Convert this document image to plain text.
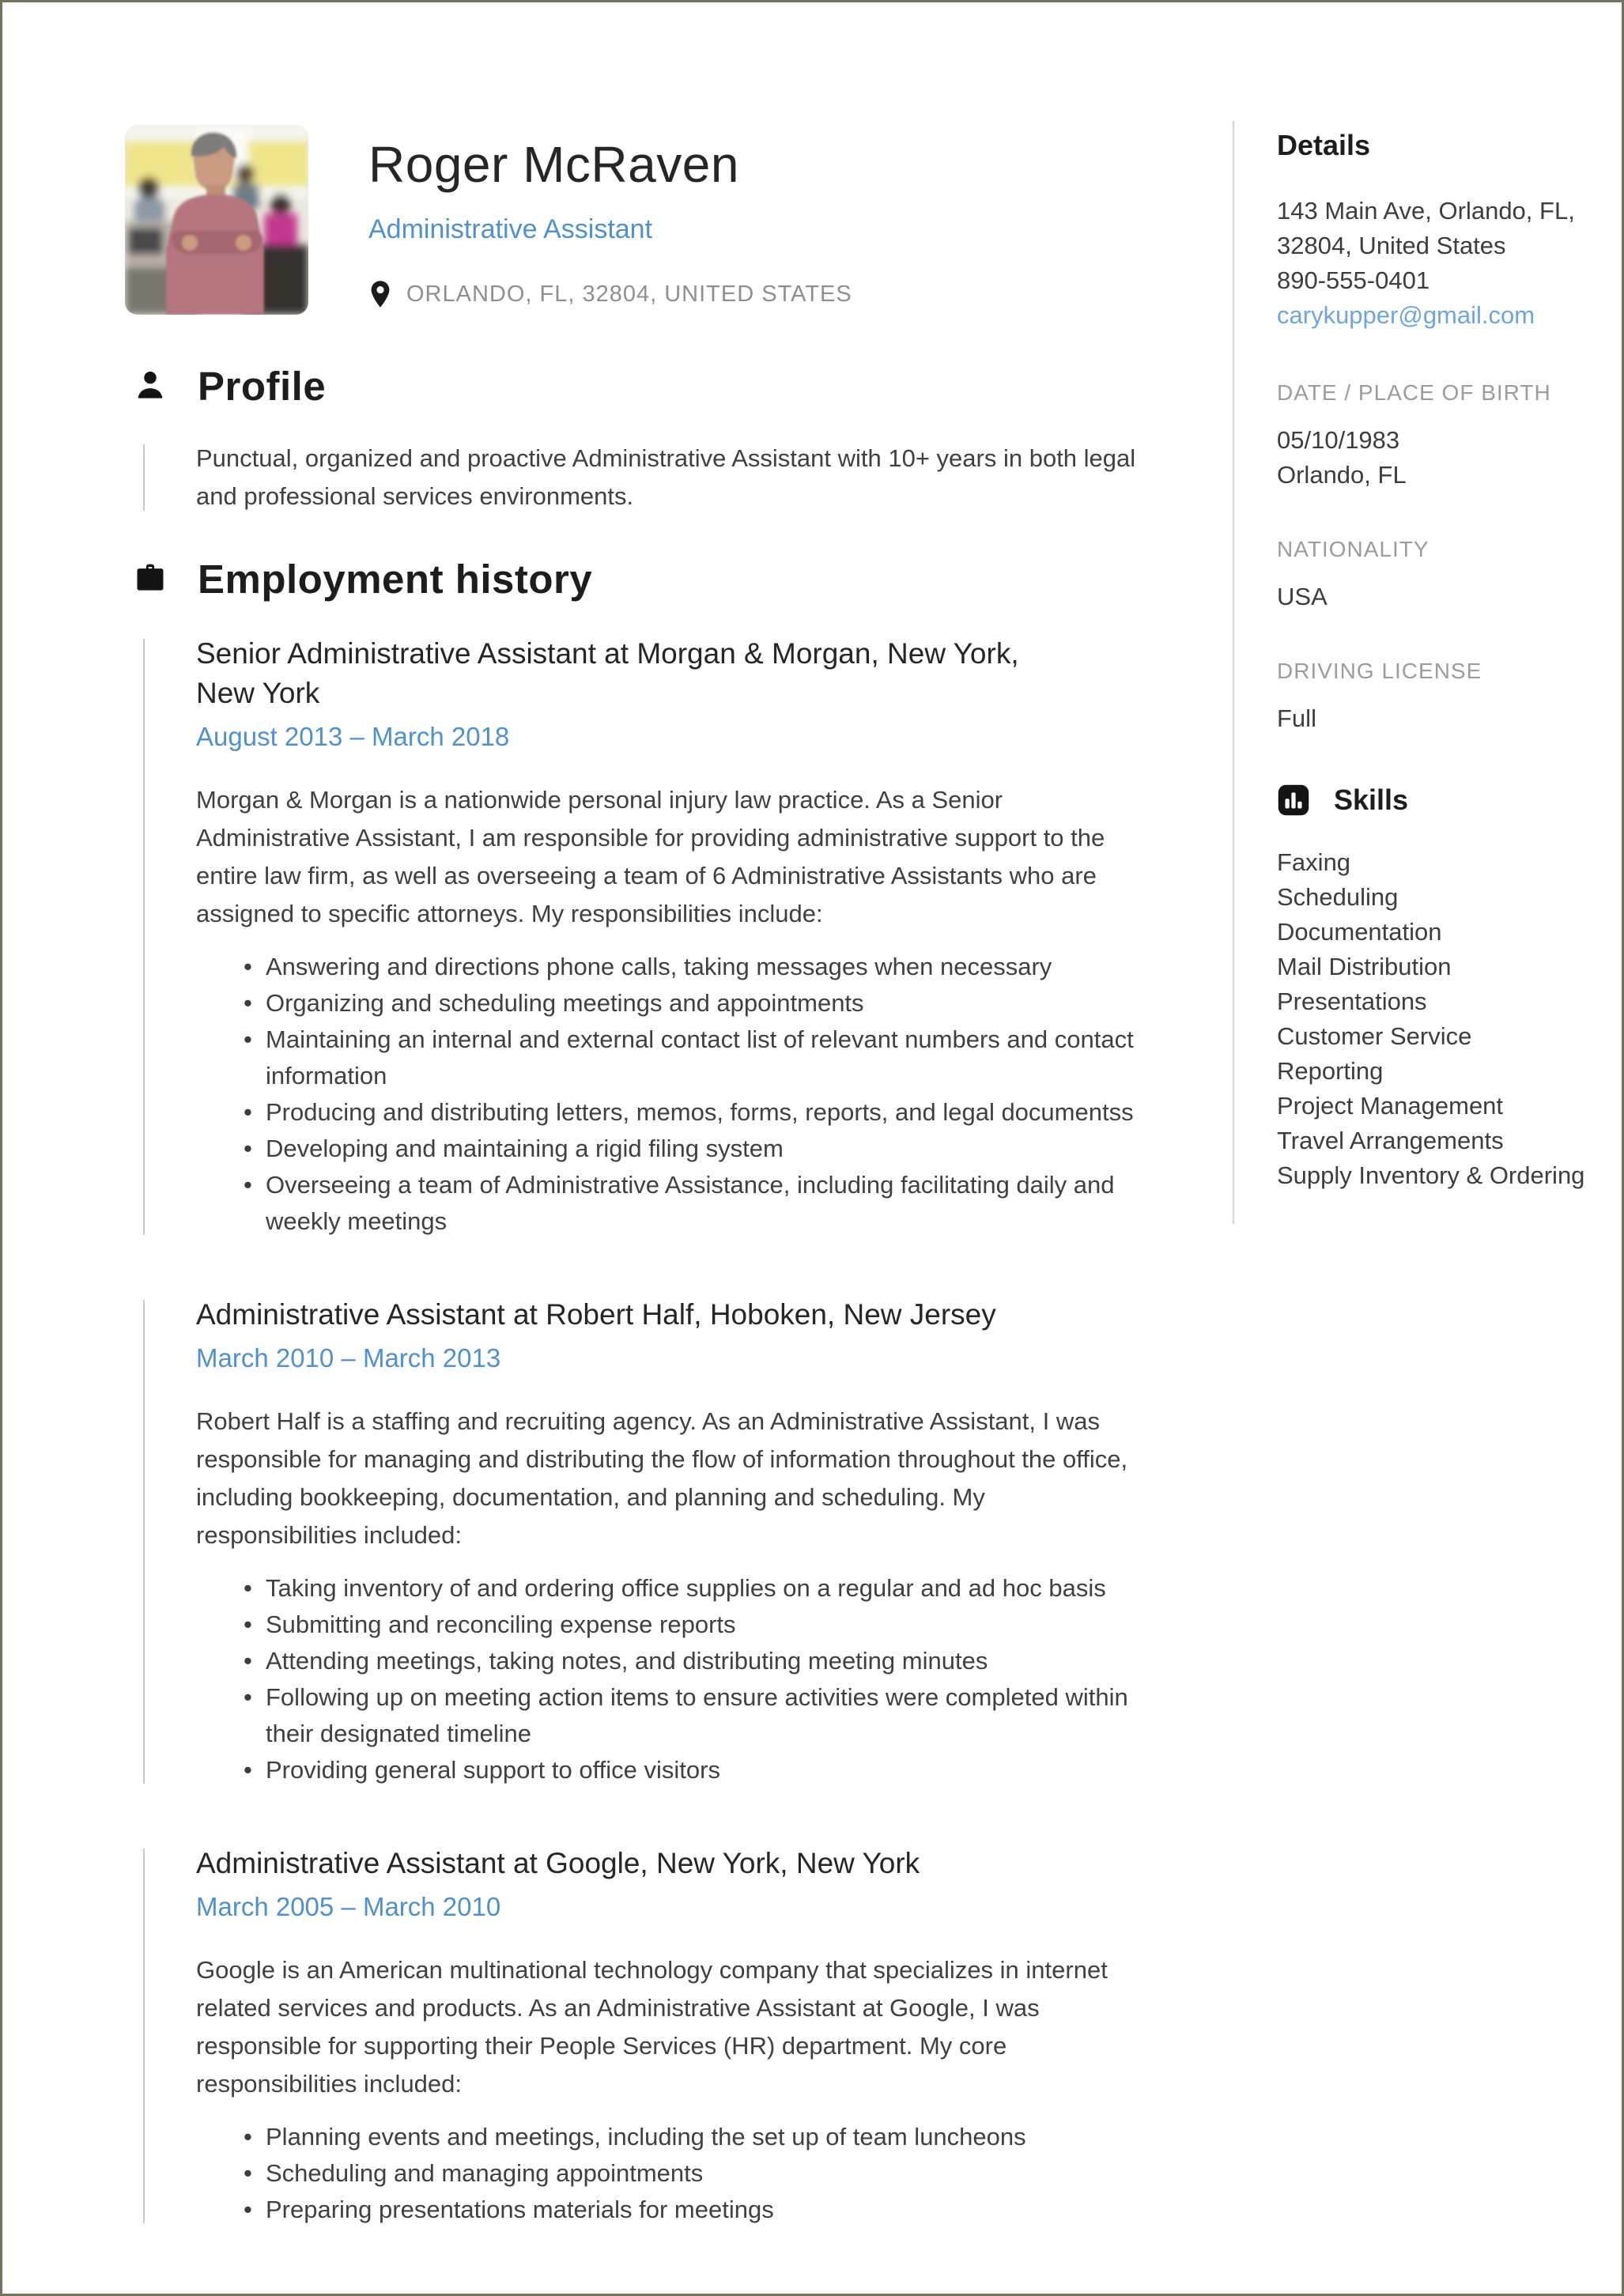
Roger McRaven
Administrative Assistant
ORLANDO, FL, 32804, UNITED STATES
Profile
Punctual, organized and proactive Administrative Assistant with 10+ years in both legal and professional services environments.
Employment history
Senior Administrative Assistant at Morgan & Morgan, New York, New York
August 2013 – March 2018
Morgan & Morgan is a nationwide personal injury law practice. As a Senior Administrative Assistant, I am responsible for providing administrative support to the entire law firm, as well as overseeing a team of 6 Administrative Assistants who are assigned to specific attorneys. My responsibilities include:
• Answering and directions phone calls, taking messages when necessary
• Organizing and scheduling meetings and appointments
• Maintaining an internal and external contact list of relevant numbers and contact information
• Producing and distributing letters, memos, forms, reports, and legal documentss
• Developing and maintaining a rigid filing system
• Overseeing a team of Administrative Assistance, including facilitating daily and weekly meetings
Administrative Assistant at Robert Half, Hoboken, New Jersey
March 2010 – March 2013
Robert Half is a staffing and recruiting agency. As an Administrative Assistant, I was responsible for managing and distributing the flow of information throughout the office, including bookkeeping, documentation, and planning and scheduling. My responsibilities included:
• Taking inventory of and ordering office supplies on a regular and ad hoc basis
• Submitting and reconciling expense reports
• Attending meetings, taking notes, and distributing meeting minutes
• Following up on meeting action items to ensure activities were completed within their designated timeline
• Providing general support to office visitors
Administrative Assistant at Google, New York, New York
March 2005 – March 2010
Google is an American multinational technology company that specializes in internet related services and products. As an Administrative Assistant at Google, I was responsible for supporting their People Services (HR) department. My core responsibilities included:
• Planning events and meetings, including the set up of team luncheons
• Scheduling and managing appointments
• Preparing presentations materials for meetings
Details
143 Main Ave, Orlando, FL, 32804, United States
890-555-0401
carykupper@gmail.com
DATE / PLACE OF BIRTH
05/10/1983
Orlando, FL
NATIONALITY
USA
DRIVING LICENSE
Full
Skills
Faxing
Scheduling
Documentation
Mail Distribution
Presentations
Customer Service
Reporting
Project Management
Travel Arrangements
Supply Inventory & Ordering
